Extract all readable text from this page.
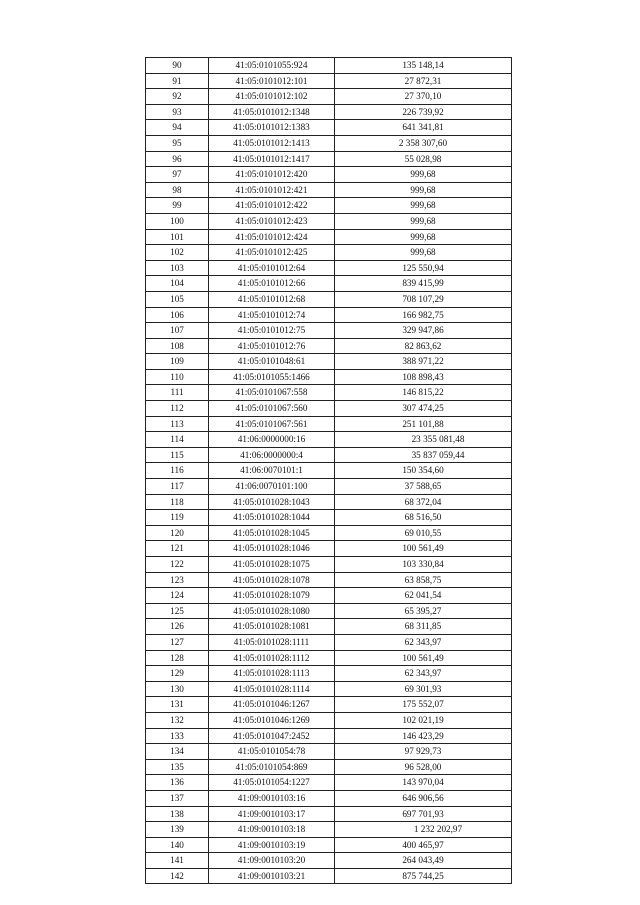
90	41:05:0101055:924	135 148,14
91	41:05:0101012:101	27 872,31
92	41:05:0101012:102	27 370,10
93	41:05:0101012:1348	226 739,92
94	41:05:0101012:1383	641 341,81
95	41:05:0101012:1413	2 358 307,60
96	41:05:0101012:1417	55 028,98
97	41:05:0101012:420	999,68
98	41:05:0101012:421	999,68
99	41:05:0101012:422	999,68
100	41:05:0101012:423	999,68
101	41:05:0101012:424	999,68
102	41:05:0101012:425	999,68
103	41:05:0101012:64	125 550,94
104	41:05:0101012:66	839 415,99
105	41:05:0101012:68	708 107,29
106	41:05:0101012:74	166 982,75
107	41:05:0101012:75	329 947,86
108	41:05:0101012:76	82 863,62
109	41:05:0101048:61	388 971,22
110	41:05:0101055:1466	108 898,43
111	41:05:0101067:558	146 815,22
112	41:05:0101067:560	307 474,25
113	41:05:0101067:561	251 101,88
114	41:06:0000000:16	23 355 081,48
115	41:06:0000000:4	35 837 059,44
116	41:06:0070101:1	150 354,60
117	41:06:0070101:100	37 588,65
118	41:05:0101028:1043	68 372,04
119	41:05:0101028:1044	68 516,50
120	41:05:0101028:1045	69 010,55
121	41:05:0101028:1046	100 561,49
122	41:05:0101028:1075	103 330,84
123	41:05:0101028:1078	63 858,75
124	41:05:0101028:1079	62 041,54
125	41:05:0101028:1080	65 395,27
126	41:05:0101028:1081	68 311,85
127	41:05:0101028:1111	62 343,97
128	41:05:0101028:1112	100 561,49
129	41:05:0101028:1113	62 343,97
130	41:05:0101028:1114	69 301,93
131	41:05:0101046:1267	175 552,07
132	41:05:0101046:1269	102 021,19
133	41:05:0101047:2452	146 423,29
134	41:05:0101054:78	97 929,73
135	41:05:0101054:869	96 528,00
136	41:05:0101054:1227	143 970,04
137	41:09:0010103:16	646 906,56
138	41:09:0010103:17	697 701,93
139	41:09:0010103:18	1 232 202,97
140	41:09:0010103:19	400 465,97
141	41:09:0010103:20	264 043,49
142	41:09:0010103:21	875 744,25
